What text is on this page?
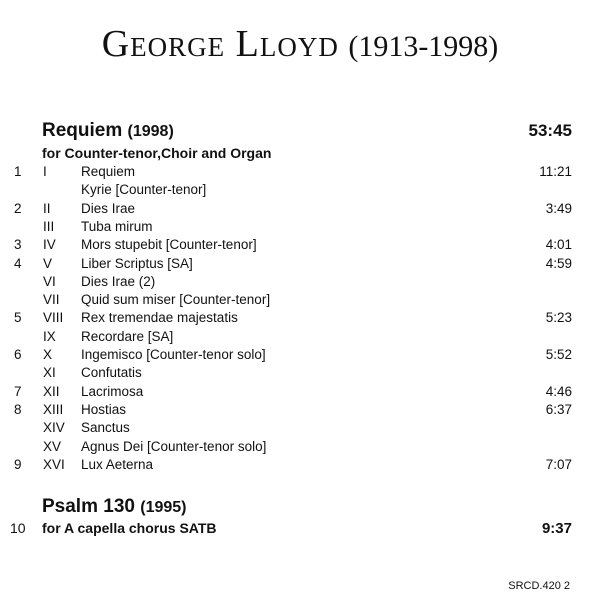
George Lloyd (1913-1998)
Requiem (1998)	53:45
for Counter-tenor,Choir and Organ
1 I	Requiem	11:21
Kyrie [Counter-tenor]
2 II Dies Irae	3:49
III Tuba mirum
3 IV Mors stupebit [Counter-tenor]	4:01
4 V Liber Scriptus [SA]	4:59
VI Dies Irae (2)
VII Quid sum miser [Counter-tenor]
5 VIII Rex tremendae majestatis	5:23
IX Recordare [SA]
6 X Ingemisco [Counter-tenor solo]	5:52
XI Confutatis
7 XII Lacrimosa	4:46
8 XIII Hostias	6:37
XIV Sanctus
XV Agnus Dei [Counter-tenor solo]
9 XVI Lux Aeterna	7:07
Psalm 130 (1995)
10 for A capella chorus SATB	9:37
SRCD.420 2
